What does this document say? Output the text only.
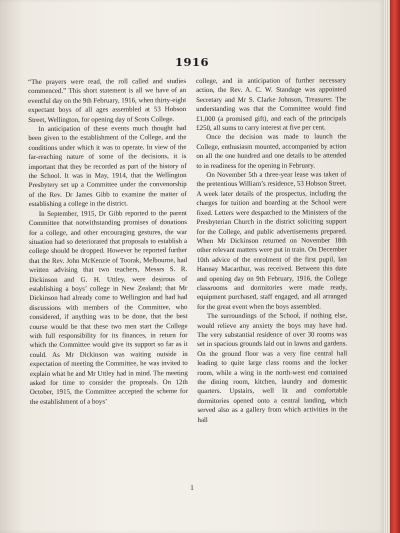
1916

“The prayers were read, the roll called and studies commenced.” This short statement is all we have of an eventful day on the 9th February, 1916, when thirty-eight expectant boys of all ages assembled at 53 Hobson Street, Wellington, for opening day of Scots College.

In anticipation of these events much thought had been given to the establishment of the College, and the conditions under which it was to operate. In view of the far-reaching nature of some of the decisions, it is important that they be recorded as part of the history of the School. It was in May, 1914, that the Wellington Presbytery set up a Committee under the convenorship of the Rev. Dr James Gibb to examine the matter of establishing a college in the district.

In September, 1915, Dr Gibb reported to the parent Committee that notwithstanding promises of donations for a college, and other encouraging gestures, the war situation had so deteriorated that proposals to establish a college should be dropped. However he reported further that the Rev. John McKenzie of Toorak, Melbourne, had written advising that two teachers, Messrs S. R. Dickinson and G. H. Uttley, were desirous of establishing a boys’ college in New Zealand; that Mr Dickinson had already come to Wellington and had had discussions with members of the Committee, who considered, if anything was to be done, that the best course would be that these two men start the College with full responsibility for its finances, in return for which the Committee would give its support so far as it could. As Mr Dickinson was waiting outside in expectation of meeting the Committee, he was invited to explain what he and Mr Uttley had in mind. The meeting asked for time to consider the proposals. On 12th October, 1915, the Committee accepted the scheme for the establishment of a boys’

college, and in anticipation of further necessary action, the Rev. A. C. W. Standage was appointed Secretary and Mr S. Clarke Johnson, Treasurer. The understanding was that the Committee would find £1,000 (a promised gift), and each of the principals £250, all sums to carry interest at five per cent.

Once the decision was made to launch the College, enthusiasm mounted, accompanied by action on all the one hundred and one details to be attended to in readiness for the opening in February.

On November 5th a three-year lease was taken of the pretentious William’s residence, 53 Hobson Street. A week later details of the prospectus, including the charges for tuition and boarding at the School were fixed. Letters were despatched to the Ministers of the Presbyterian Church in the district soliciting support for the College, and public advertisements prepared. When Mr Dickinson returned on November 18th other relevant matters were put in train. On December 10th advice of the enrolment of the first pupil, Ian Hannay Macarthur, was received. Between this date and opening day on 9th February, 1916, the College classrooms and dormitories were made ready, equipment purchased, staff engaged, and all arranged for the great event when the boys assembled.

The surroundings of the School, if nothing else, would relieve any anxiety the boys may have had. The very substantial residence of over 30 rooms was set in spacious grounds laid out in lawns and gardens. On the ground floor was a very fine central hall leading to quite large class rooms and the locker room, while a wing in the north-west end contained the dining room, kitchen, laundry and domestic quarters. Upstairs, well lit and comfortable dormitories opened onto a central landing, which served also as a gallery from which activities in the hall

1
